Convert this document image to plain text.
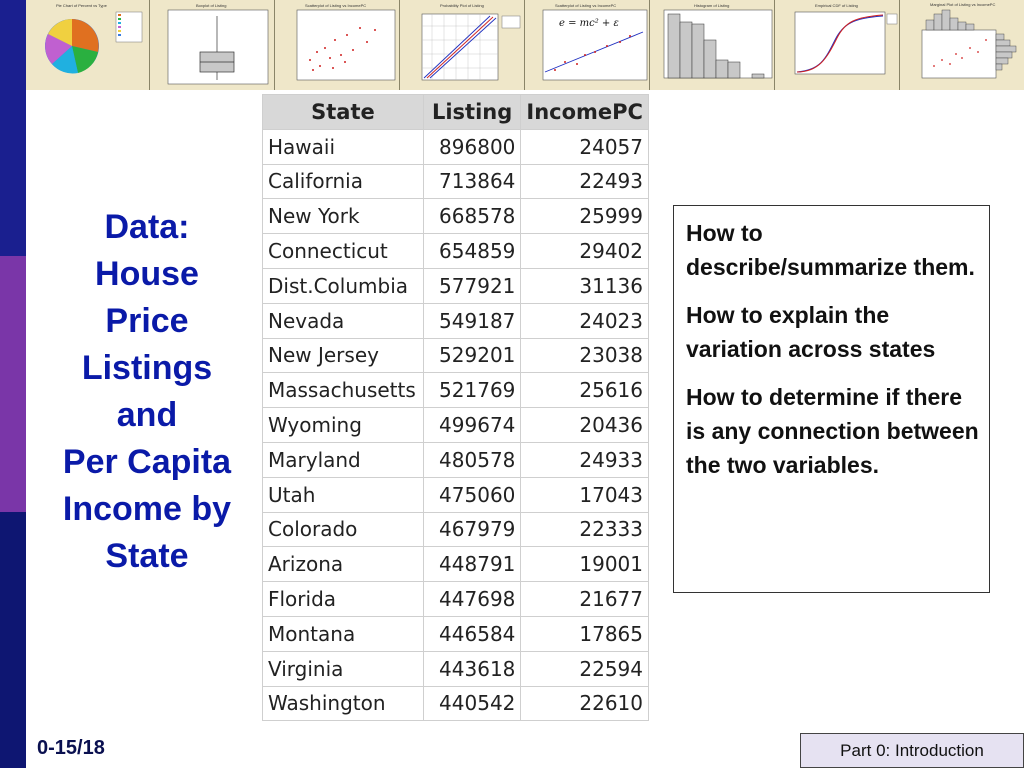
Pie Chart of Percent vs Type	Boxplot of Listing	Scatterplot of Listing vs IncomePC	Probability Plot of Listing	Scatterplot of Listing vs IncomePC
e = mc² + ε
Histogram of Listing	Empirical CDF of Listing	Marginal Plot of Listing vs IncomePC
Data:
House
Price
Listings
and
Per Capita
Income by
State
State	Listing	IncomePC
Hawaii	896800	24057
California	713864	22493
New York	668578	25999
Connecticut	654859	29402
Dist.Columbia	577921	31136
Nevada	549187	24023
New Jersey	529201	23038
Massachusetts	521769	25616
Wyoming	499674	20436
Maryland	480578	24933
Utah	475060	17043
Colorado	467979	22333
Arizona	448791	19001
Florida	447698	21677
Montana	446584	17865
Virginia	443618	22594
Washington	440542	22610

How to describe/summarize them.

How to explain the variation across states

How to determine if there is any connection between the two variables.

0-15/18	Part 0: Introduction
